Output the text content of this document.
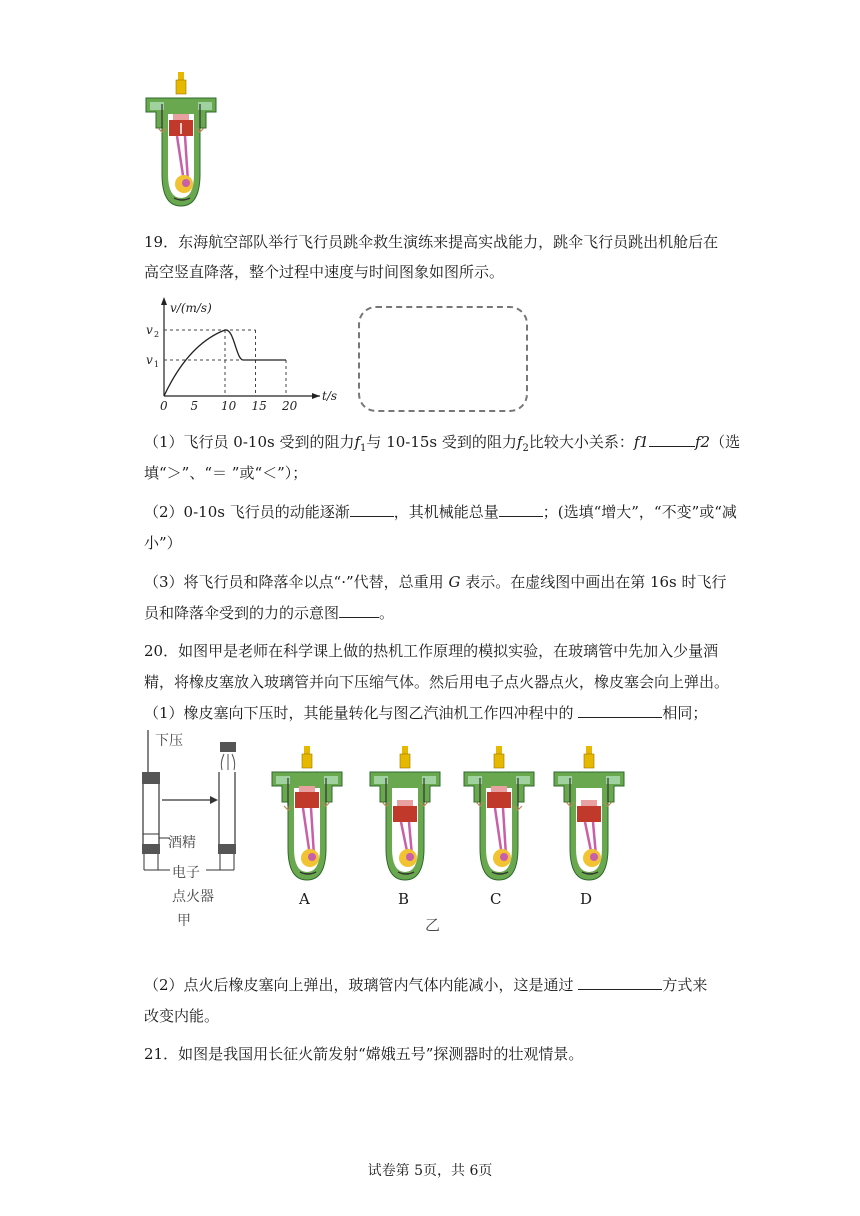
19．东海航空部队举行飞行员跳伞救生演练来提高实战能力，跳伞飞行员跳出机舱后在
高空竖直降落，整个过程中速度与时间图象如图所示。
v/(m/s)
t/s
0 5 10 15 20
v 2
v 1
（1）飞行员 0-10s 受到的阻力$f_1$与 10-15s 受到的阻力$f_2$比较大小关系：f1	f2（选
填“＞”、“＝ ”或“＜”）；
（2）0-10s 飞行员的动能逐渐	，其机械能总量	；(选填“增大”，“不变”或“减
小”）
（3）将飞行员和降落伞以点“·”代替，总重用 G 表示。在虚线图中画出在第 16s 时飞行
员和降落伞受到的力的示意图	。
20．如图甲是老师在科学课上做的热机工作原理的模拟实验，在玻璃管中先加入少量酒
精，将橡皮塞放入玻璃管并向下压缩气体。然后用电子点火器点火，橡皮塞会向上弹出。
（1）橡皮塞向下压时，其能量转化与图乙汽油机工作四冲程中的	相同；
下压
酒精
电子
点火器
甲
A	B	C	D
乙
（2）点火后橡皮塞向上弹出，玻璃管内气体内能减小，这是通过	方式来
改变内能。
21．如图是我国用长征火箭发射“嫦娥五号”探测器时的壮观情景。
试卷第 5页，共 6页
